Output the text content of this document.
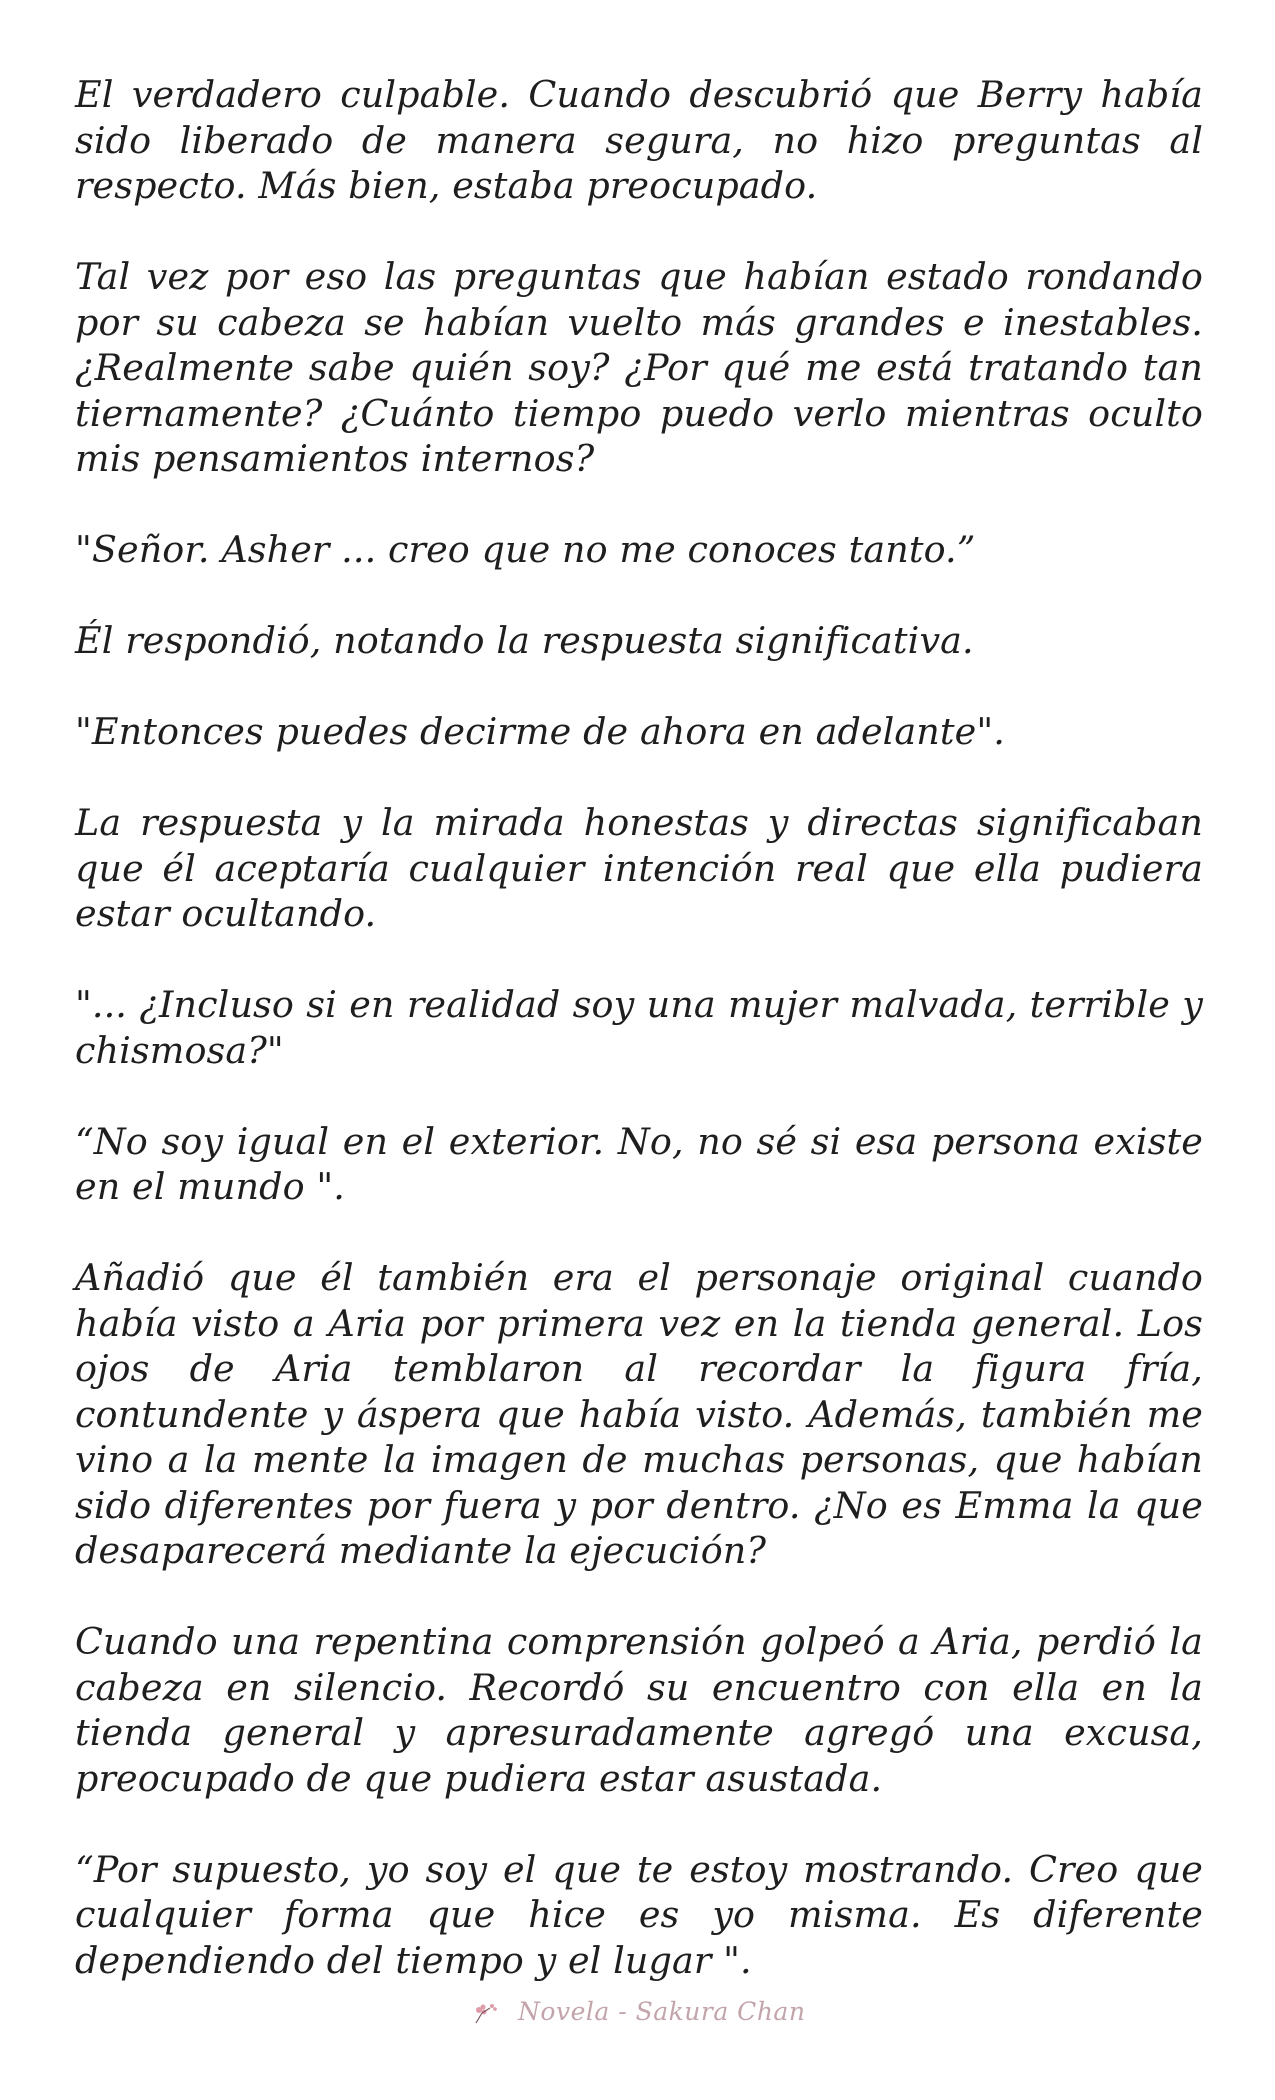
El verdadero culpable. Cuando descubrió que Berry había sido liberado de manera segura, no hizo preguntas al respecto. Más bien, estaba preocupado.

Tal vez por eso las preguntas que habían estado rondando por su cabeza se habían vuelto más grandes e inestables. ¿Realmente sabe quién soy? ¿Por qué me está tratando tan tiernamente? ¿Cuánto tiempo puedo verlo mientras oculto mis pensamientos internos?

"Señor. Asher ... creo que no me conoces tanto.”

Él respondió, notando la respuesta significativa.

"Entonces puedes decirme de ahora en adelante".

La respuesta y la mirada honestas y directas significaban que él aceptaría cualquier intención real que ella pudiera estar ocultando.

"... ¿Incluso si en realidad soy una mujer malvada, terrible y chismosa?"

“No soy igual en el exterior. No, no sé si esa persona existe en el mundo ".

Añadió que él también era el personaje original cuando había visto a Aria por primera vez en la tienda general. Los ojos de Aria temblaron al recordar la figura fría, contundente y áspera que había visto. Además, también me vino a la mente la imagen de muchas personas, que habían sido diferentes por fuera y por dentro. ¿No es Emma la que desaparecerá mediante la ejecución?

Cuando una repentina comprensión golpeó a Aria, perdió la cabeza en silencio. Recordó su encuentro con ella en la tienda general y apresuradamente agregó una excusa, preocupado de que pudiera estar asustada.

“Por supuesto, yo soy el que te estoy mostrando. Creo que cualquier forma que hice es yo misma. Es diferente dependiendo del tiempo y el lugar ".

Novela - Sakura Chan
